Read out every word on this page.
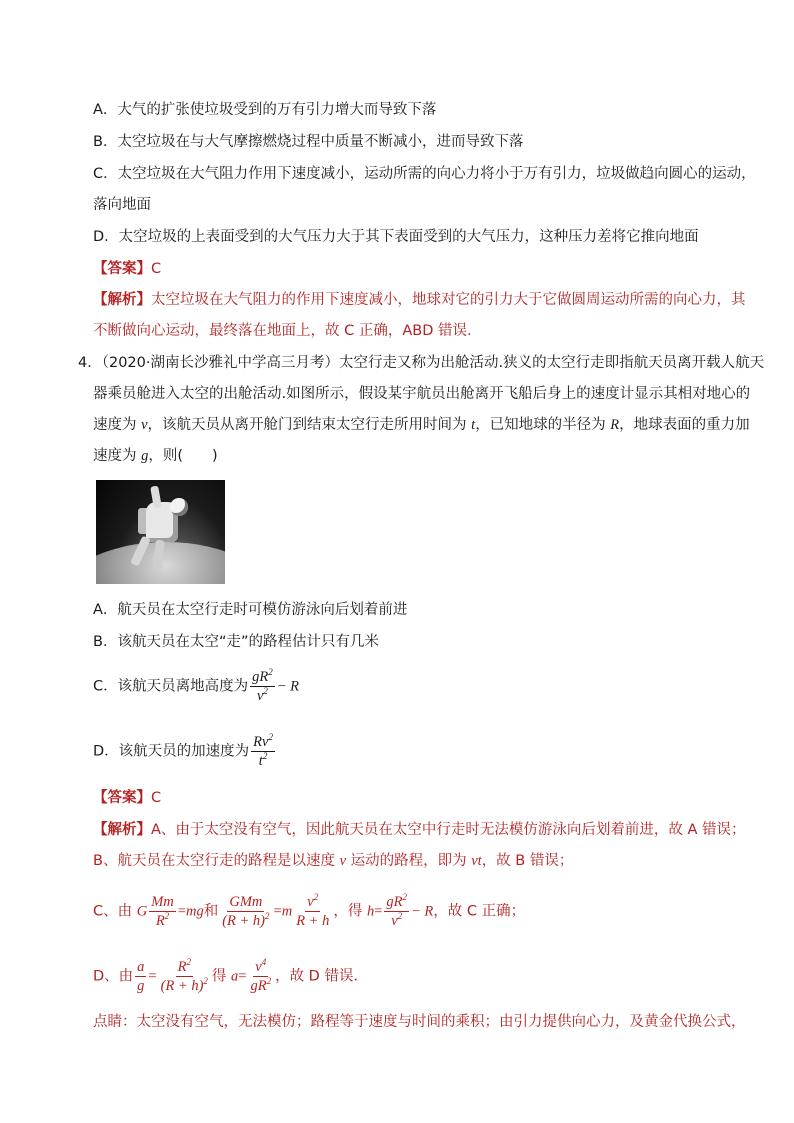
A．大气的扩张使垃圾受到的万有引力增大而导致下落
B．太空垃圾在与大气摩擦燃烧过程中质量不断减小，进而导致下落
C．太空垃圾在大气阻力作用下速度减小，运动所需的向心力将小于万有引力，垃圾做趋向圆心的运动，
落向地面
D．太空垃圾的上表面受到的大气压力大于其下表面受到的大气压力，这种压力差将它推向地面
【答案】C
【解析】太空垃圾在大气阻力的作用下速度减小，地球对它的引力大于它做圆周运动所需的向心力，其
不断做向心运动，最终落在地面上，故 C 正确，ABD 错误．
4．（2020·湖南长沙雅礼中学高三月考）太空行走又称为出舱活动.狭义的太空行走即指航天员离开载人航天
器乘员舱进入太空的出舱活动.如图所示，假设某宇航员出舱离开飞船后身上的速度计显示其相对地心的
速度为 v，该航天员从离开舱门到结束太空行走所用时间为 t，已知地球的半径为 R，地球表面的重力加
速度为 g，则(　　)
A．航天员在太空行走时可模仿游泳向后划着前进
B．该航天员在太空“走”的路程估计只有几米
C．该航天员离地高度为 $\frac{gR^2}{v^2} - R$
D．该航天员的加速度为 $\frac{Rv^2}{t^2}$
【答案】C
【解析】A、由于太空没有空气，因此航天员在太空中行走时无法模仿游泳向后划着前进，故 A 错误；
B、航天员在太空行走的路程是以速度 v 运动的路程，即为 vt，故 B 错误；
C、由 G $\frac{Mm}{R^2} =mg$和 $\frac{\text{GMm}}{(R + h)^2} =m \frac{v^2}{R + h}$ ，得 $h= \frac{gR^2}{v^2} - R$，故 C 正确；
D、由 $\frac{a}{g} = \frac{R^2}{(R + h)^2}$ 得 $a= \frac{v^4}{gR^2}$ ，故 D 错误．
点睛：太空没有空气，无法模仿；路程等于速度与时间的乘积；由引力提供向心力，及黄金代换公式，
